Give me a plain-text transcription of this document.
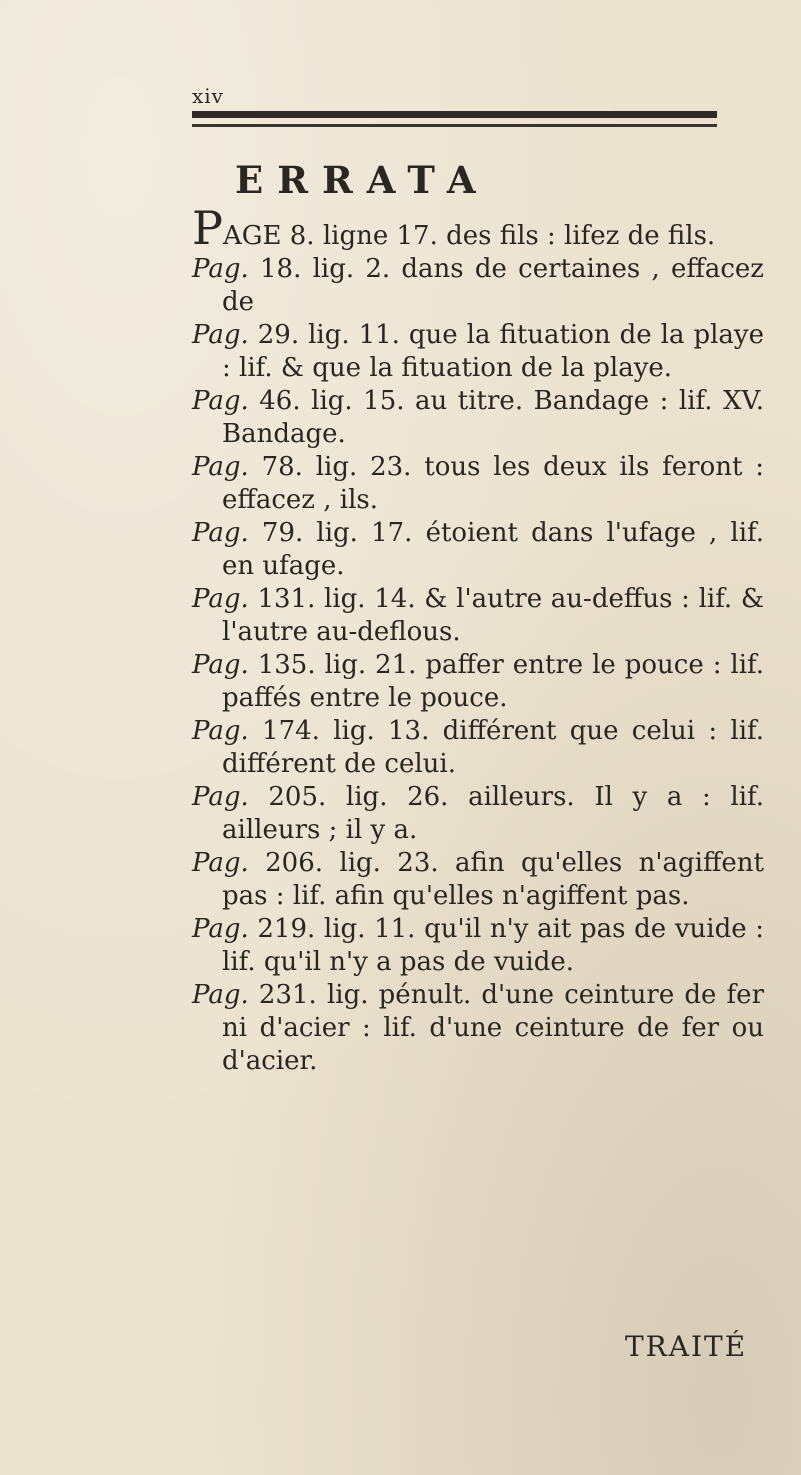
xiv
ERRATA

PAGE 8. ligne 17. des fils : lifez de fils.

Pag. 18. lig. 2. dans de certaines , effacez de

Pag. 29. lig. 11. que la fituation de la playe : lif. & que la fituation de la playe.

Pag. 46. lig. 15. au titre. Bandage : lif. XV. Bandage.

Pag. 78. lig. 23. tous les deux ils feront : effacez , ils.

Pag. 79. lig. 17. étoient dans l'ufage , lif. en ufage.

Pag. 131. lig. 14. & l'autre au-deffus : lif. & l'autre au-deflous.

Pag. 135. lig. 21. paffer entre le pouce : lif. paffés entre le pouce.

Pag. 174. lig. 13. différent que celui : lif. différent de celui.

Pag. 205. lig. 26. ailleurs. Il y a : lif. ailleurs ; il y a.

Pag. 206. lig. 23. afin qu'elles n'agiffent pas : lif. afin qu'elles n'agiffent pas.

Pag. 219. lig. 11. qu'il n'y ait pas de vuide : lif. qu'il n'y a pas de vuide.

Pag. 231. lig. pénult. d'une ceinture de fer ni d'acier : lif. d'une ceinture de fer ou d'acier.

TRAITÉ
